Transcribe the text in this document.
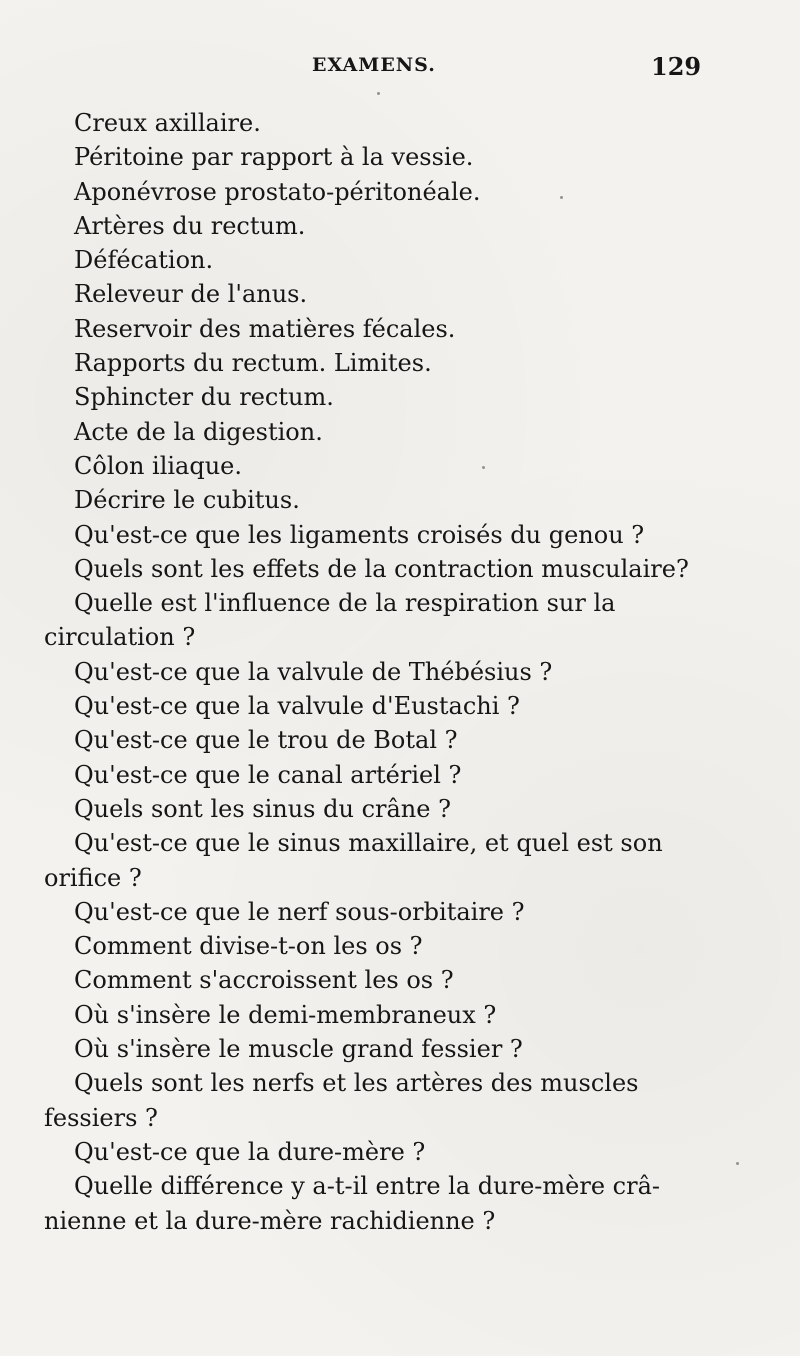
EXAMENS.	129
Creux axillaire.
Péritoine par rapport à la vessie.
Aponévrose prostato-péritonéale.
Artères du rectum.
Défécation.
Releveur de l'anus.
Reservoir des matières fécales.
Rapports du rectum. Limites.
Sphincter du rectum.
Acte de la digestion.
Côlon iliaque.
Décrire le cubitus.
Qu'est-ce que les ligaments croisés du genou ?
Quels sont les effets de la contraction musculaire?
Quelle est l'influence de la respiration sur la
circulation ?
Qu'est-ce que la valvule de Thébésius ?
Qu'est-ce que la valvule d'Eustachi ?
Qu'est-ce que le trou de Botal ?
Qu'est-ce que le canal artériel ?
Quels sont les sinus du crâne ?
Qu'est-ce que le sinus maxillaire, et quel est son
orifice ?
Qu'est-ce que le nerf sous-orbitaire ?
Comment divise-t-on les os ?
Comment s'accroissent les os ?
Où s'insère le demi-membraneux ?
Où s'insère le muscle grand fessier ?
Quels sont les nerfs et les artères des muscles
fessiers ?
Qu'est-ce que la dure-mère ?
Quelle différence y a-t-il entre la dure-mère crâ-
nienne et la dure-mère rachidienne ?
